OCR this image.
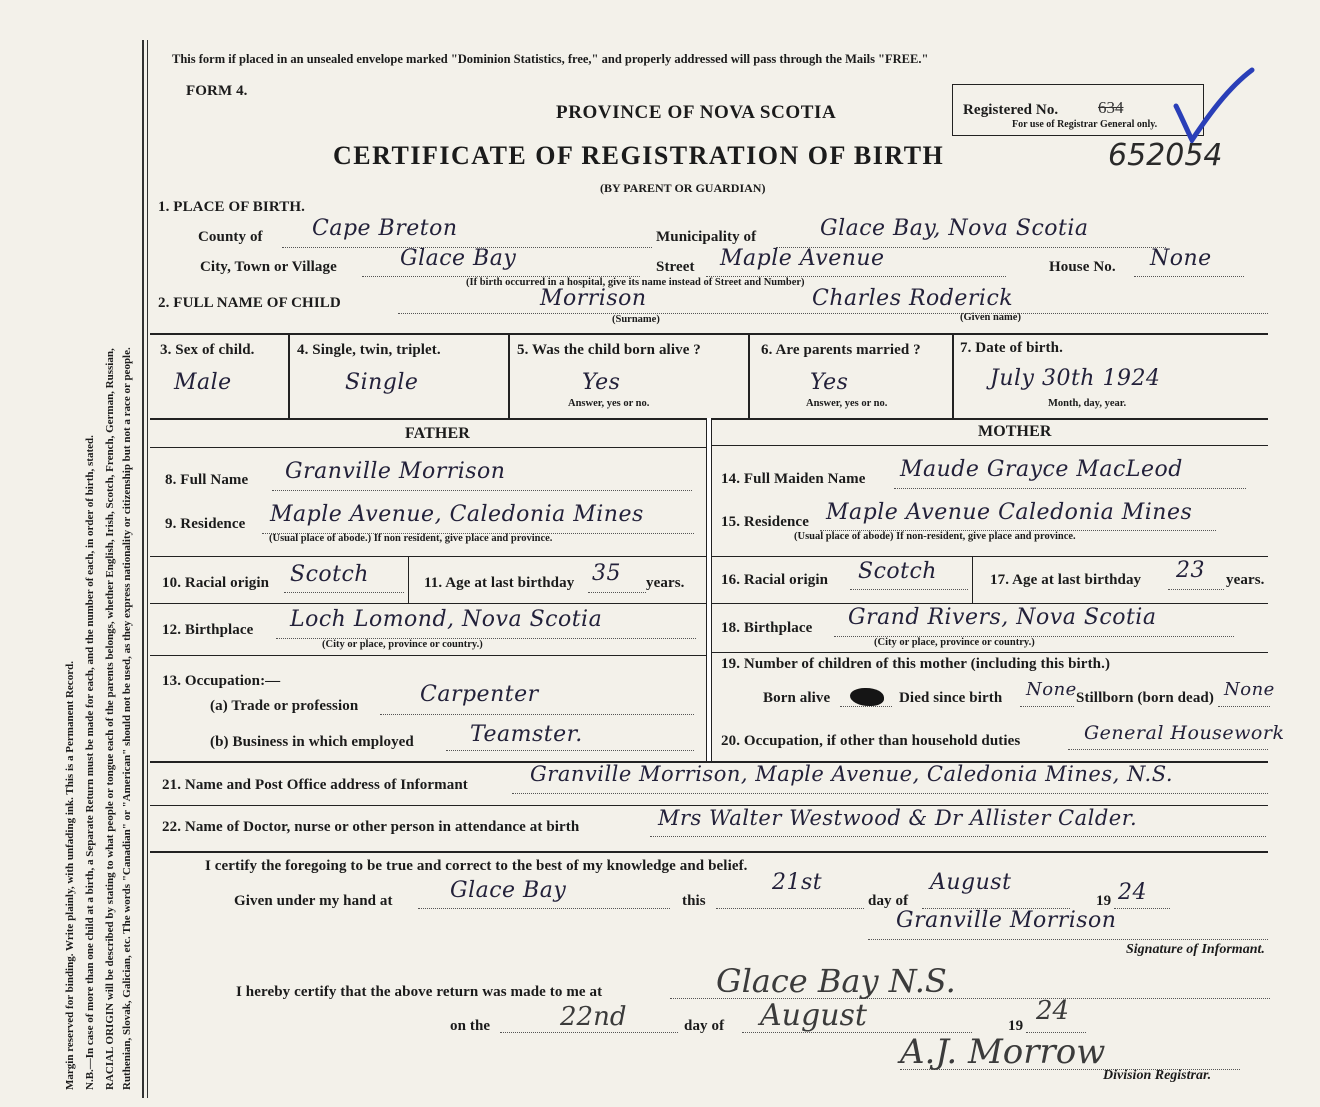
Margin reserved for binding. Write plainly, with unfading ink. This is a Permanent Record. N.B.—In case of more than one child at a birth, a Separate Return must be made for each, and the number of each, in order of birth, stated. RACIAL ORIGIN will be described by stating to what people or tongue each of the parents belongs, whether English, Irish, Scotch, French, German, Russian, Ruthenian, Slovak, Galician, etc. The words "Canadian" or "American" should not be used, as they express nationality or citizenship but not a race or people.
This form if placed in an unsealed envelope marked "Dominion Statistics, free," and properly addressed will pass through the Mails "FREE."
FORM 4.
PROVINCE OF NOVA SCOTIA
CERTIFICATE OF REGISTRATION OF BIRTH
(BY PARENT OR GUARDIAN)
Registered No. 634
For use of Registrar General only.
652054
1. PLACE OF BIRTH.
County of Cape Breton	Municipality of	Glace Bay, Nova Scotia
City, Town or Village	Glace Bay	Street Maple Avenue	House No. None
(If birth occurred in a hospital, give its name instead of Street and Number)
2. FULL NAME OF CHILD	Morrison
(Surname)
Charles Roderick
(Given name)
3. Sex of child.
Male
4. Single, twin, triplet.
Single
5. Was the child born alive ?
Yes
Answer, yes or no.
6. Are parents married ?
Yes
Answer, yes or no.
7. Date of birth.
July 30th 1924
Month, day, year.
FATHER	MOTHER
8. Full Name Granville Morrison
9. Residence Maple Avenue, Caledonia Mines
(Usual place of abode.) If non resident, give place and province.
10. Racial origin Scotch	11. Age at last birthday 35 years.
12. Birthplace Loch Lomond, Nova Scotia
(City or place, province or country.)
13. Occupation:—
(a) Trade or profession	Carpenter
(b) Business in which employed	Teamster.
14. Full Maiden Name Maude Grayce MacLeod
15. Residence Maple Avenue Caledonia Mines
(Usual place of abode) If non-resident, give place and province.
16. Racial origin Scotch	17. Age at last birthday 23 years.
18. Birthplace Grand Rivers, Nova Scotia
(City or place, province or country.)
19. Number of children of this mother (including this birth.)
Born alive	Died since birth None Stillborn (born dead) None
20. Occupation, if other than household duties	General Housework
21. Name and Post Office address of Informant	Granville Morrison, Maple Avenue, Caledonia Mines, N.S.
22. Name of Doctor, nurse or other person in attendance at birth	Mrs Walter Westwood & Dr Allister Calder.
I certify the foregoing to be true and correct to the best of my knowledge and belief.
Given under my hand at	Glace Bay	this
21st
day of
August
19 24
Granville Morrison
Signature of Informant.
I hereby certify that the above return was made to me at	Glace Bay N.S.
on the	22nd	day of August	19 24
A.J. Morrow
Division Registrar.
